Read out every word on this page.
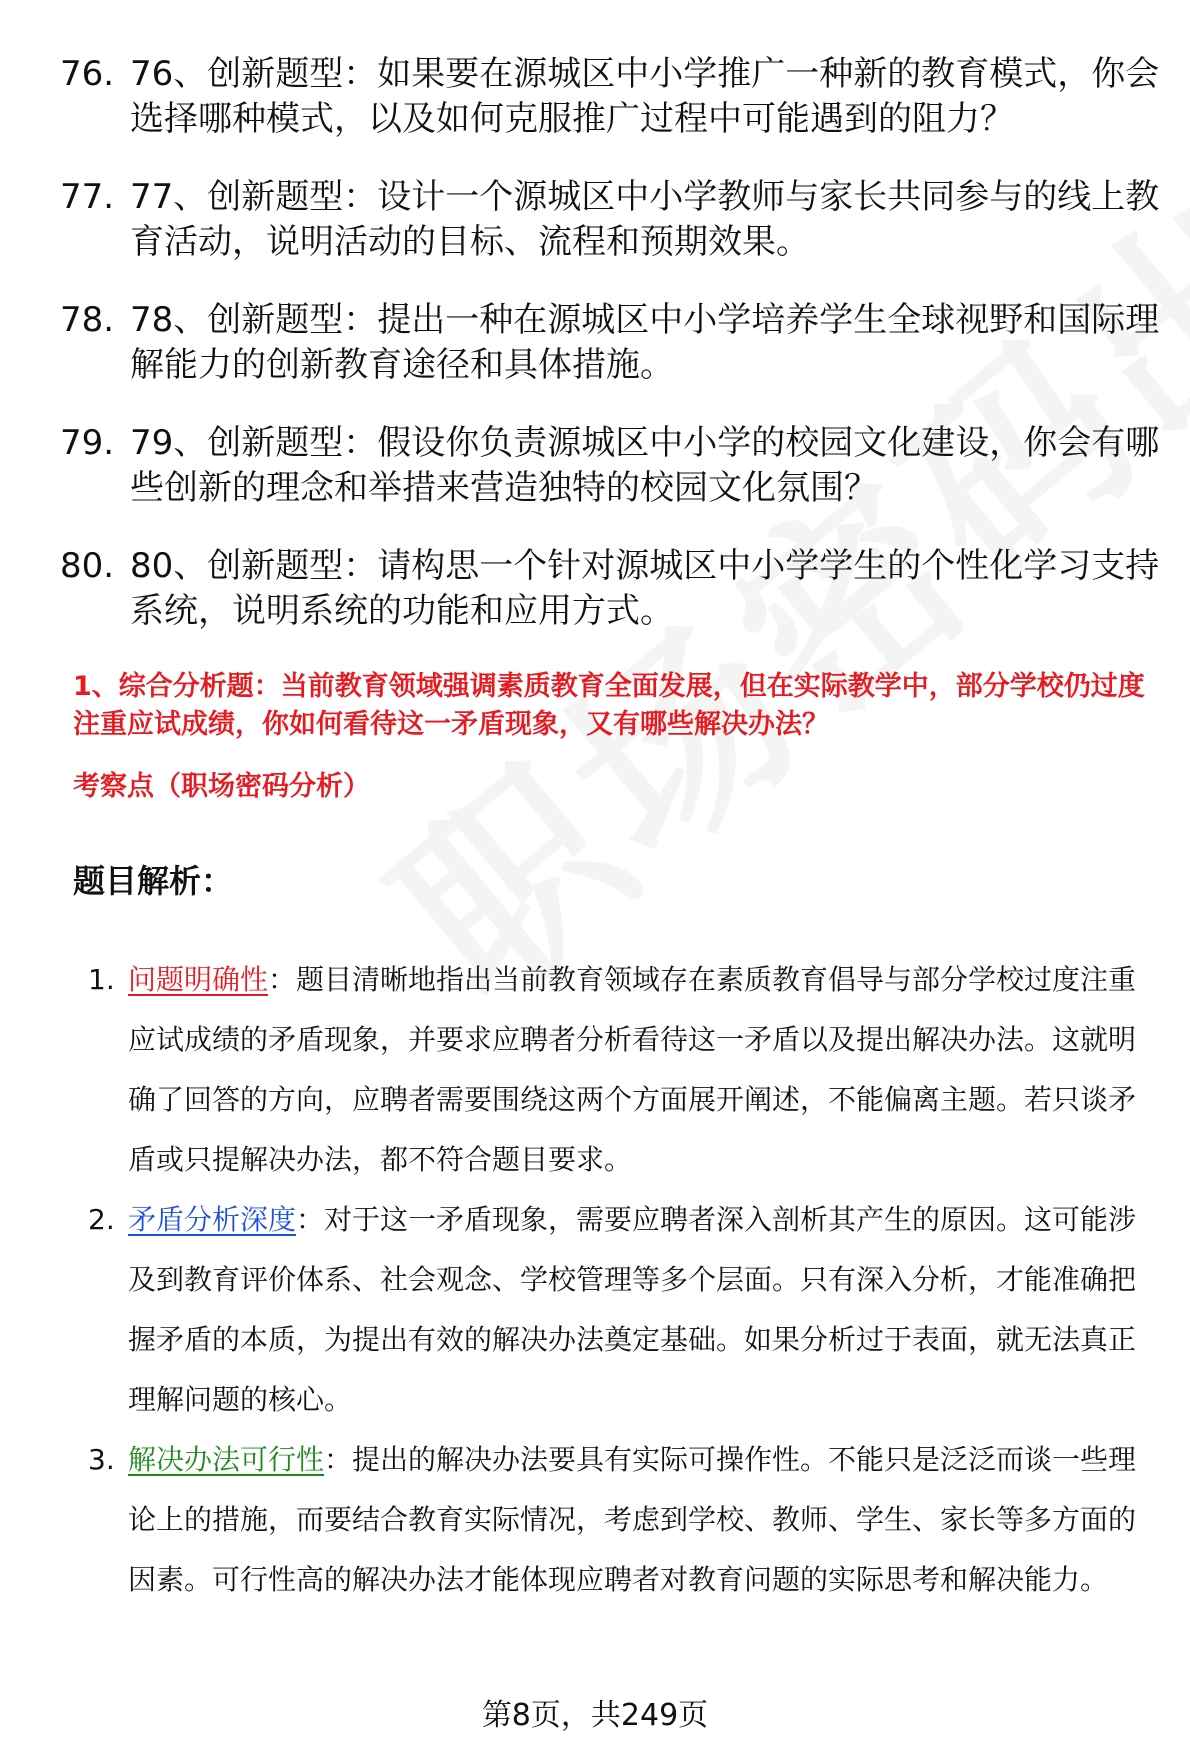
76. 76、创新题型：如果要在源城区中小学推广一种新的教育模式，你会选择哪种模式，以及如何克服推广过程中可能遇到的阻力？
77. 77、创新题型：设计一个源城区中小学教师与家长共同参与的线上教育活动，说明活动的目标、流程和预期效果。
78. 78、创新题型：提出一种在源城区中小学培养学生全球视野和国际理解能力的创新教育途径和具体措施。
79. 79、创新题型：假设你负责源城区中小学的校园文化建设，你会有哪些创新的理念和举措来营造独特的校园文化氛围？
80. 80、创新题型：请构思一个针对源城区中小学学生的个性化学习支持系统，说明系统的功能和应用方式。
1、综合分析题：当前教育领域强调素质教育全面发展，但在实际教学中，部分学校仍过度注重应试成绩，你如何看待这一矛盾现象，又有哪些解决办法？
考察点（职场密码分析）
题目解析：
1. 问题明确性：题目清晰地指出当前教育领域存在素质教育倡导与部分学校过度注重应试成绩的矛盾现象，并要求应聘者分析看待这一矛盾以及提出解决办法。这就明确了回答的方向，应聘者需要围绕这两个方面展开阐述，不能偏离主题。若只谈矛盾或只提解决办法，都不符合题目要求。
2. 矛盾分析深度：对于这一矛盾现象，需要应聘者深入剖析其产生的原因。这可能涉及到教育评价体系、社会观念、学校管理等多个层面。只有深入分析，才能准确把握矛盾的本质，为提出有效的解决办法奠定基础。如果分析过于表面，就无法真正理解问题的核心。
3. 解决办法可行性：提出的解决办法要具有实际可操作性。不能只是泛泛而谈一些理论上的措施，而要结合教育实际情况，考虑到学校、教师、学生、家长等多方面的因素。可行性高的解决办法才能体现应聘者对教育问题的实际思考和解决能力。
第8页，共249页
